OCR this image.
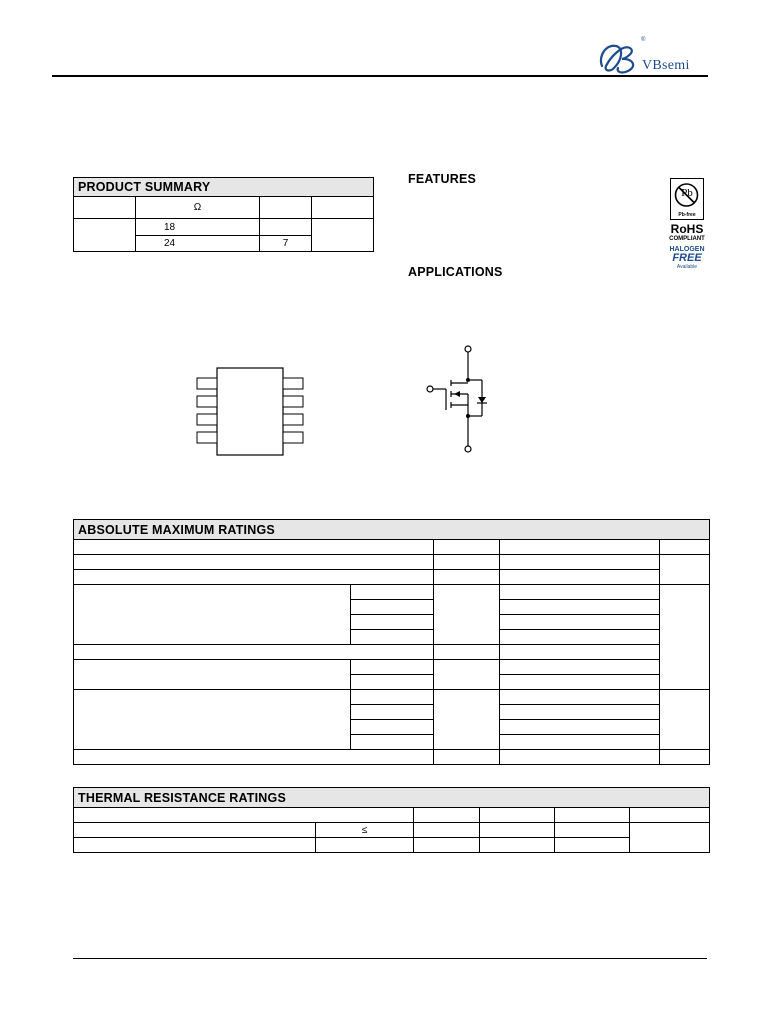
®
VBsemi
PRODUCT SUMMARY			
	Ω		
	18		
	24	7	
FEATURES
APPLICATIONS
Pb
Pb-free
RoHS
COMPLIANT
HALOGEN
FREE
Available
ABSOLUTE MAXIMUM RATINGS				

THERMAL RESISTANCE RATINGS					

	≤				
